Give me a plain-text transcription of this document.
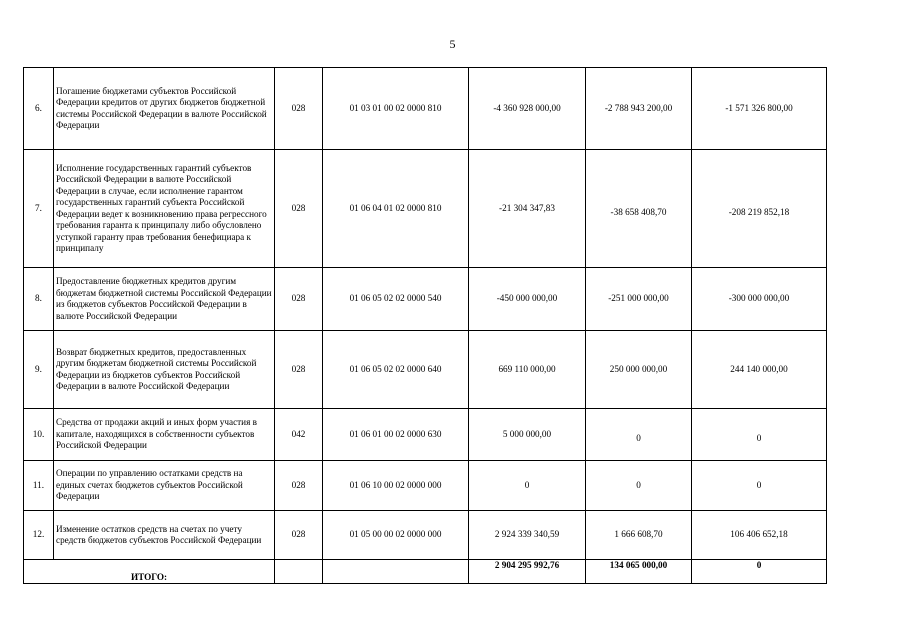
5
6.	Погашение бюджетами субъектов Российской Федерации кредитов от других бюджетов бюджетной системы Российской Федерации в валюте Российской Федерации	028	01 03 01 00 02 0000 810	-4 360 928 000,00	-2 788 943 200,00	-1 571 326 800,00
7.	Исполнение государственных гарантий субъектов Российской Федерации в валюте Российской Федерации в случае, если исполнение гарантом государственных гарантий субъекта Российской Федерации ведет к возникновению права регрессного требования гаранта к принципалу либо обусловлено уступкой гаранту прав требования бенефициара к принципалу	028	01 06 04 01 02 0000 810	-21 304 347,83	-38 658 408,70	-208 219 852,18
8.	Предоставление бюджетных кредитов другим бюджетам бюджетной системы Российской Федерации из бюджетов субъектов Российской Федерации в валюте Российской Федерации	028	01 06 05 02 02 0000 540	-450 000 000,00	-251 000 000,00	-300 000 000,00
9.	Возврат бюджетных кредитов, предоставленных другим бюджетам бюджетной системы Российской Федерации из бюджетов субъектов Российской Федерации в валюте Российской Федерации	028	01 06 05 02 02 0000 640	669 110 000,00	250 000 000,00	244 140 000,00
10.	Средства от продажи акций и иных форм участия в капитале, находящихся в собственности субъектов Российской Федерации	042	01 06 01 00 02 0000 630	5 000 000,00	0	0
11.	Операции по управлению остатками средств на единых счетах бюджетов субъектов Российской Федерации	028	01 06 10 00 02 0000 000	0	0	0
12.	Изменение остатков средств на счетах по учету средств бюджетов субъектов Российской Федерации	028	01 05 00 00 02 0000 000	2 924 339 340,59	1 666 608,70	106 406 652,18
ИТОГО:				2 904 295 992,76	134 065 000,00	0
